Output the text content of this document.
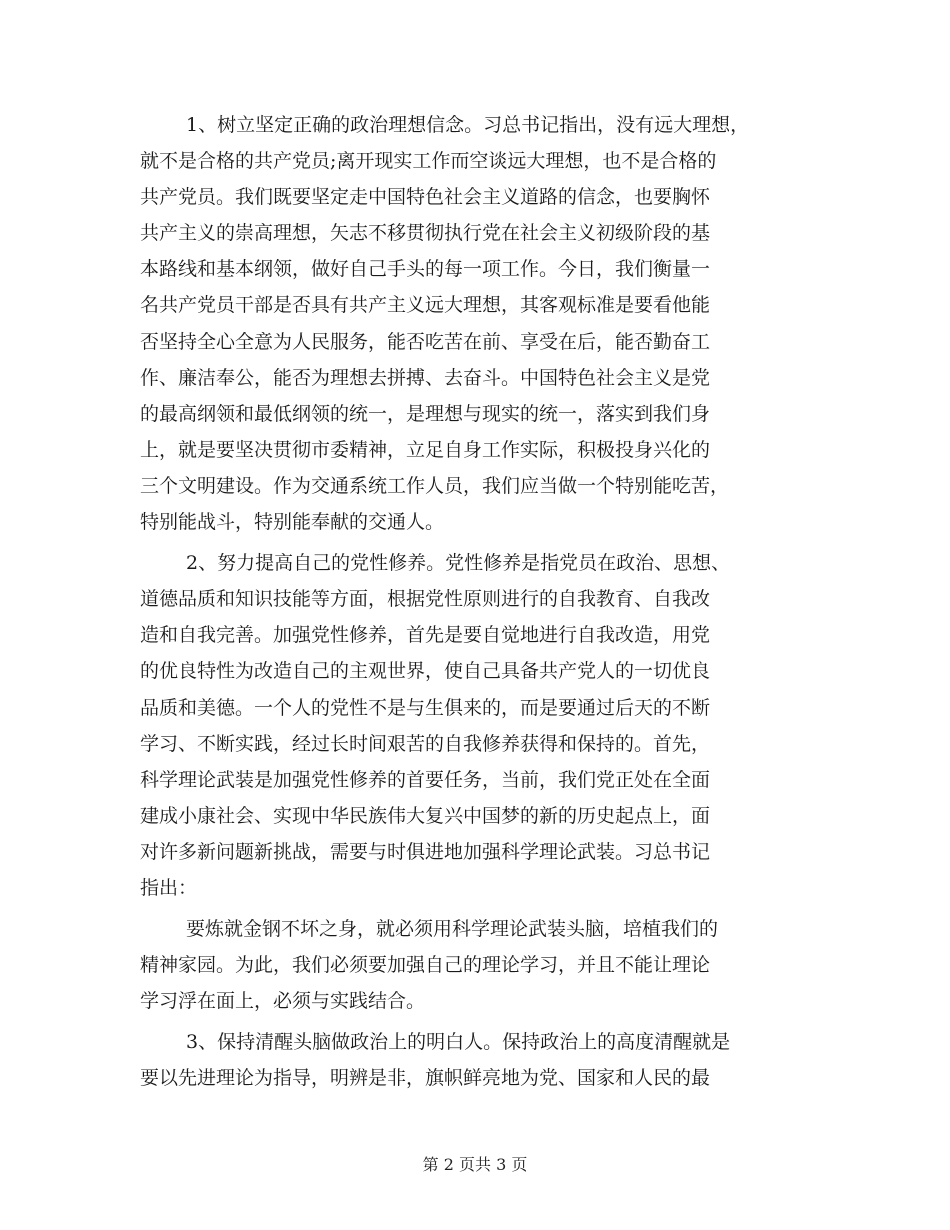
1、树立坚定正确的政治理想信念。习总书记指出，没有远大理想，
就不是合格的共产党员;离开现实工作而空谈远大理想，也不是合格的
共产党员。我们既要坚定走中国特色社会主义道路的信念，也要胸怀
共产主义的崇高理想，矢志不移贯彻执行党在社会主义初级阶段的基
本路线和基本纲领，做好自己手头的每一项工作。今日，我们衡量一
名共产党员干部是否具有共产主义远大理想，其客观标准是要看他能
否坚持全心全意为人民服务，能否吃苦在前、享受在后，能否勤奋工
作、廉洁奉公，能否为理想去拼搏、去奋斗。中国特色社会主义是党
的最高纲领和最低纲领的统一，是理想与现实的统一，落实到我们身
上，就是要坚决贯彻市委精神，立足自身工作实际，积极投身兴化的
三个文明建设。作为交通系统工作人员，我们应当做一个特别能吃苦，
特别能战斗，特别能奉献的交通人。
2、努力提高自己的党性修养。党性修养是指党员在政治、思想、
道德品质和知识技能等方面，根据党性原则进行的自我教育、自我改
造和自我完善。加强党性修养，首先是要自觉地进行自我改造，用党
的优良特性为改造自己的主观世界，使自己具备共产党人的一切优良
品质和美德。一个人的党性不是与生俱来的，而是要通过后天的不断
学习、不断实践，经过长时间艰苦的自我修养获得和保持的。首先，
科学理论武装是加强党性修养的首要任务，当前，我们党正处在全面
建成小康社会、实现中华民族伟大复兴中国梦的新的历史起点上，面
对许多新问题新挑战，需要与时俱进地加强科学理论武装。习总书记
指出：
要炼就金钢不坏之身，就必须用科学理论武装头脑，培植我们的
精神家园。为此，我们必须要加强自己的理论学习，并且不能让理论
学习浮在面上，必须与实践结合。
3、保持清醒头脑做政治上的明白人。保持政治上的高度清醒就是
要以先进理论为指导，明辨是非，旗帜鲜亮地为党、国家和人民的最
第 2 页共 3 页
